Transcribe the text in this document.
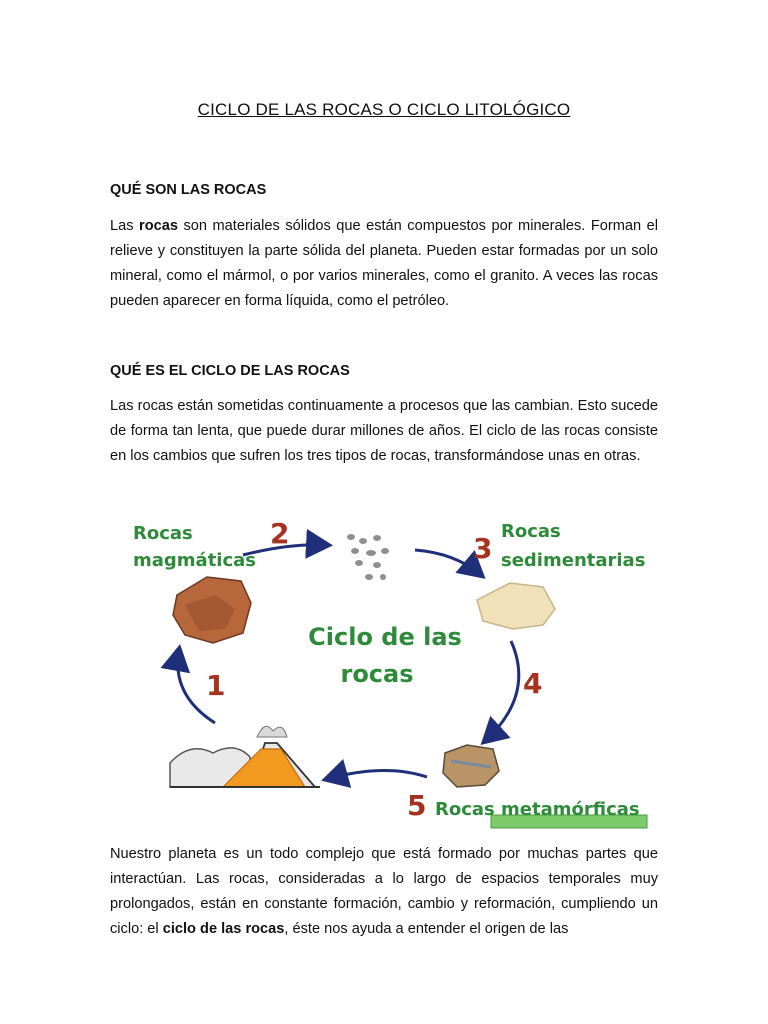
CICLO DE LAS ROCAS O CICLO LITOLÓGICO
QUÉ SON LAS ROCAS
Las rocas son materiales sólidos que están compuestos por minerales. Forman el relieve y constituyen la parte sólida del planeta. Pueden estar formadas por un solo mineral, como el mármol, o por varios minerales, como el granito. A veces las rocas pueden aparecer en forma líquida, como el petróleo.
QUÉ ES EL CICLO DE LAS ROCAS
Las rocas están sometidas continuamente a procesos que las cambian. Esto sucede de forma tan lenta, que puede durar millones de años. El ciclo de las rocas consiste en los cambios que sufren los tres tipos de rocas, transformándose unas en otras.
Rocas
magmáticas
2	3
Rocas
sedimentarias
Ciclo de las
rocas
1	4
5 Rocas metamórficas
Nuestro planeta es un todo complejo que está formado por muchas partes que interactúan. Las rocas, consideradas a lo largo de espacios temporales muy prolongados, están en constante formación, cambio y reformación, cumpliendo un ciclo: el ciclo de las rocas, éste nos ayuda a entender el origen de las
